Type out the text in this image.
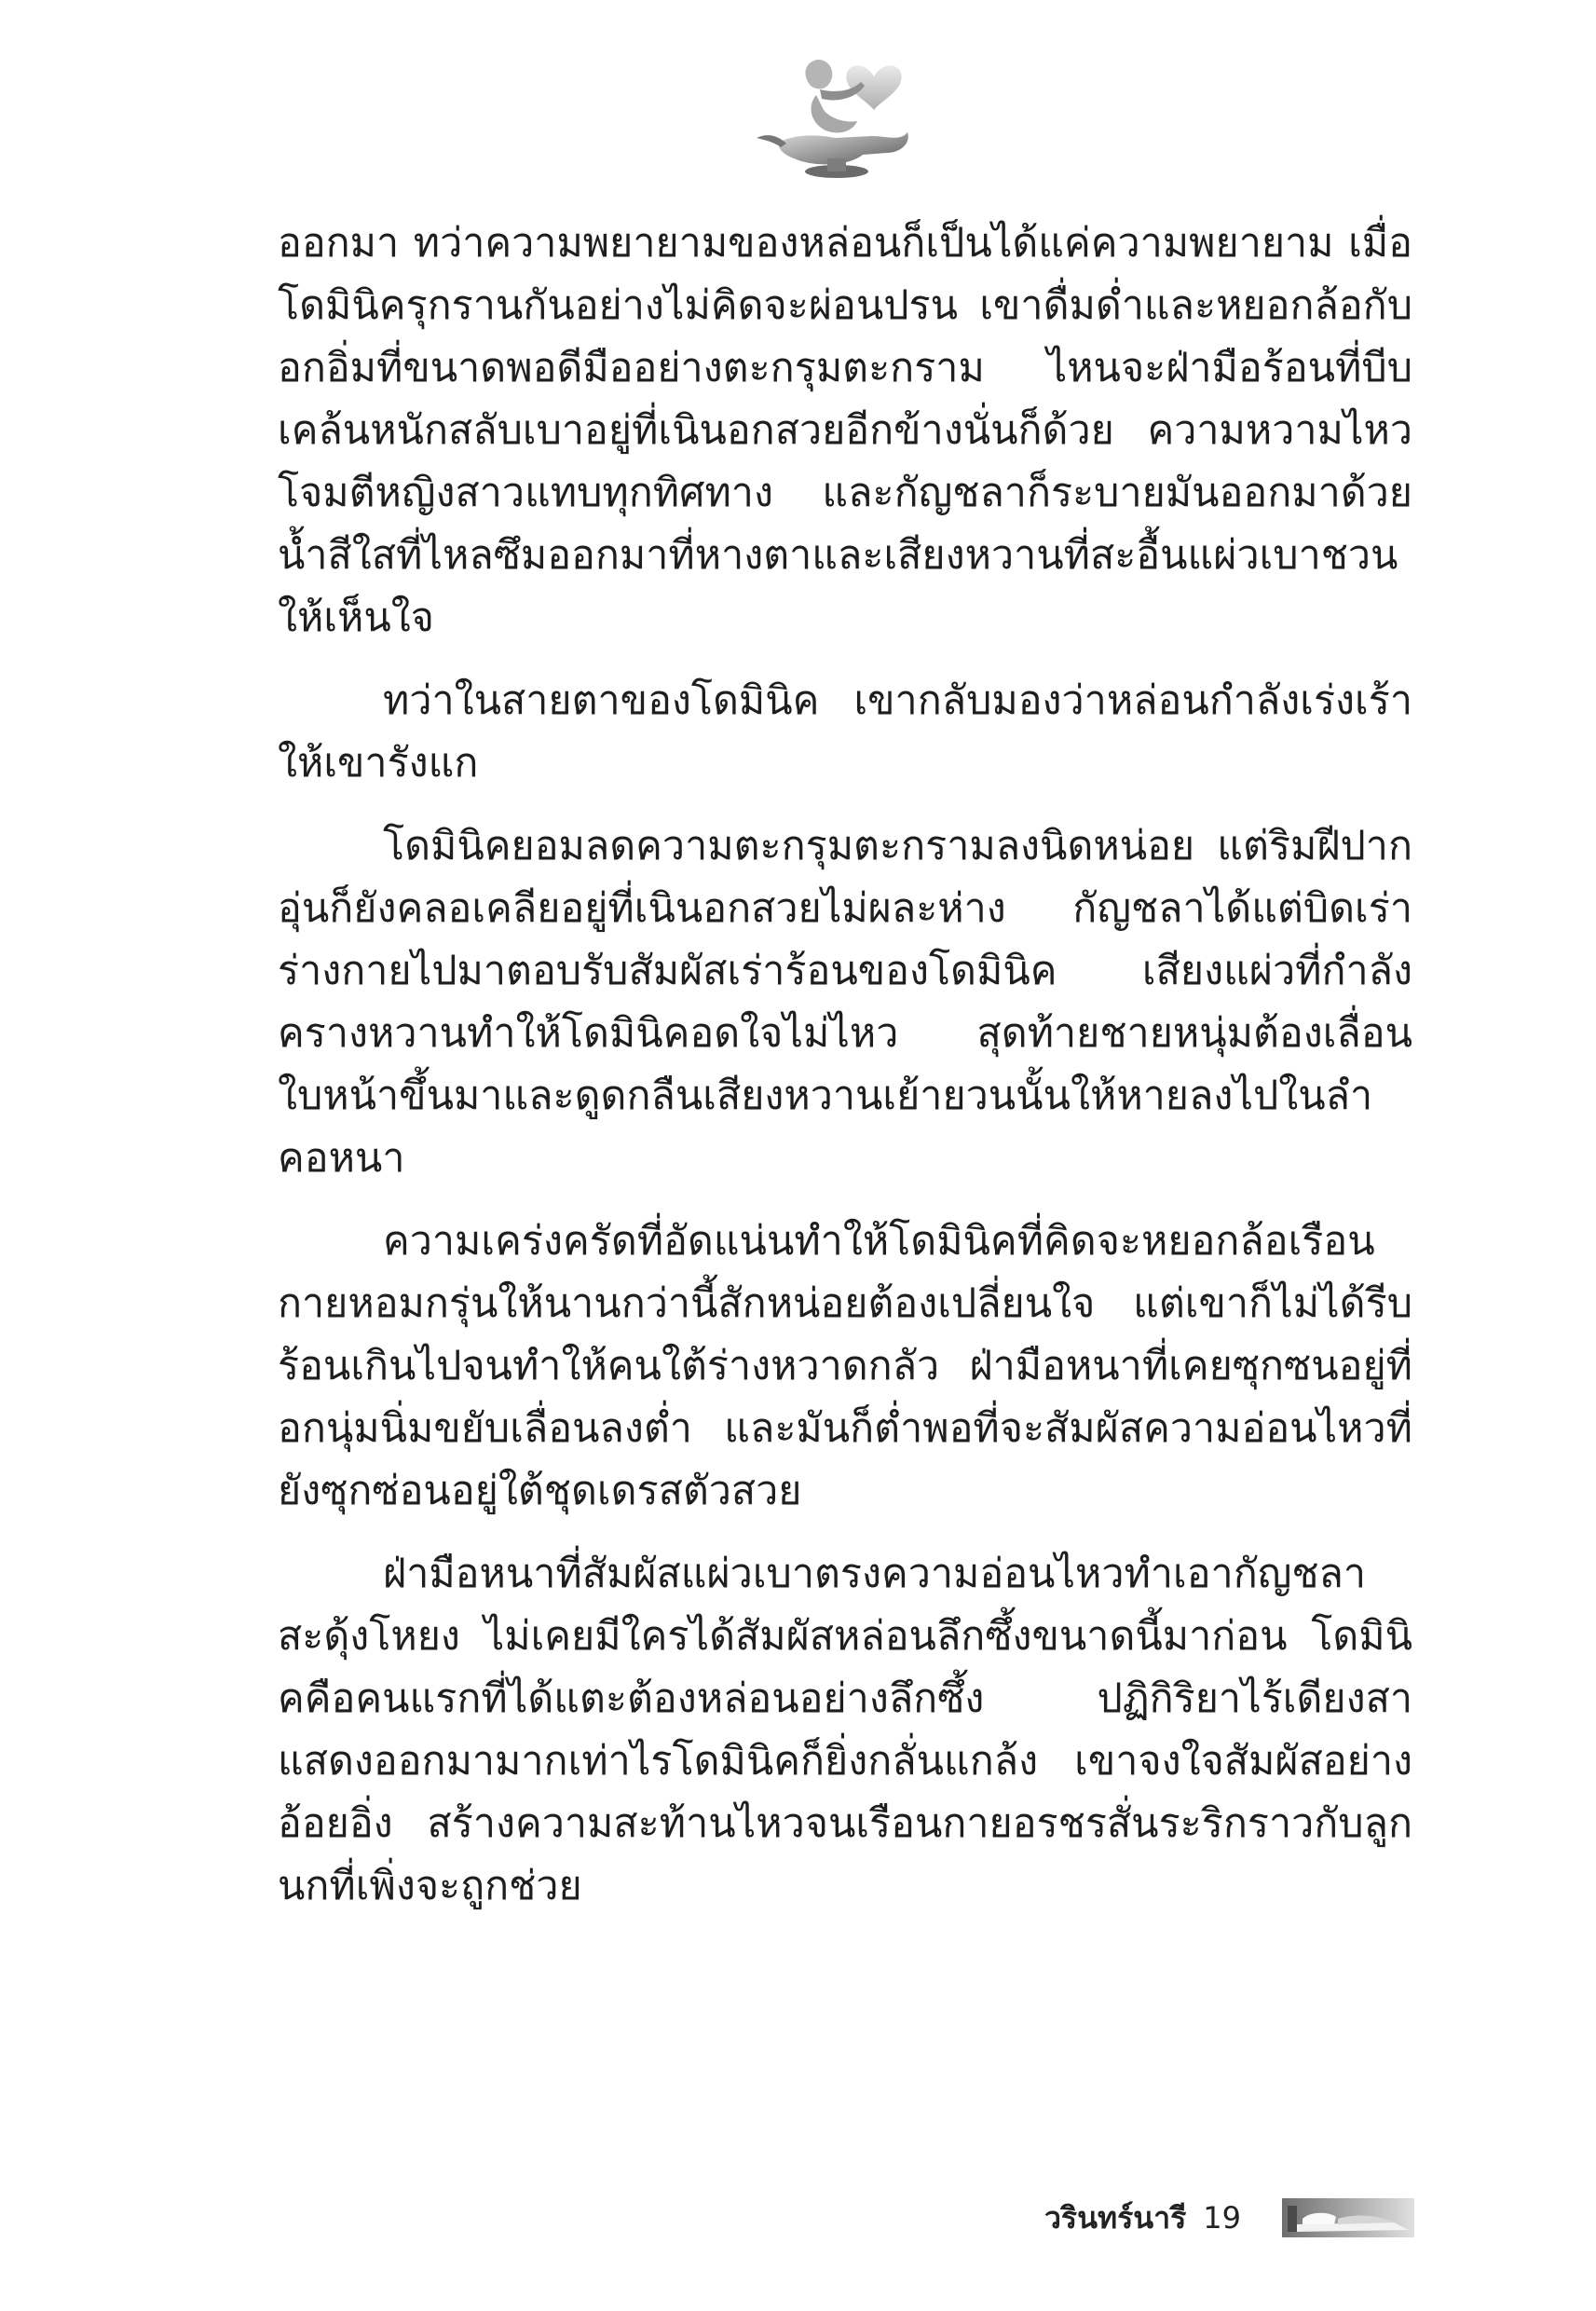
ออกมา ทว่าความพยายามของหล่อนก็เป็นได้แค่ความพยายาม เมื่อโดมินิครุกรานกันอย่างไม่คิดจะผ่อนปรน เขาดื่มด่ำและหยอกล้อกับอกอิ่มที่ขนาดพอดีมืออย่างตะกรุมตะกราม ไหนจะฝ่ามือร้อนที่บีบเคล้นหนักสลับเบาอยู่ที่เนินอกสวยอีกข้างนั่นก็ด้วย ความหวามไหวโจมตีหญิงสาวแทบทุกทิศทาง และกัญชลาก็ระบายมันออกมาด้วยน้ำสีใสที่ไหลซึมออกมาที่หางตาและเสียงหวานที่สะอื้นแผ่วเบาชวนให้เห็นใจ

ทว่าในสายตาของโดมินิค เขากลับมองว่าหล่อนกำลังเร่งเร้าให้เขารังแก

โดมินิคยอมลดความตะกรุมตะกรามลงนิดหน่อย แต่ริมฝีปากอุ่นก็ยังคลอเคลียอยู่ที่เนินอกสวยไม่ผละห่าง กัญชลาได้แต่บิดเร่าร่างกายไปมาตอบรับสัมผัสเร่าร้อนของโดมินิค เสียงแผ่วที่กำลังครางหวานทำให้โดมินิคอดใจไม่ไหว สุดท้ายชายหนุ่มต้องเลื่อนใบหน้าขึ้นมาและดูดกลืนเสียงหวานเย้ายวนนั้นให้หายลงไปในลำคอหนา

ความเคร่งครัดที่อัดแน่นทำให้โดมินิคที่คิดจะหยอกล้อเรือนกายหอมกรุ่นให้นานกว่านี้สักหน่อยต้องเปลี่ยนใจ แต่เขาก็ไม่ได้รีบร้อนเกินไปจนทำให้คนใต้ร่างหวาดกลัว ฝ่ามือหนาที่เคยซุกซนอยู่ที่อกนุ่มนิ่มขยับเลื่อนลงต่ำ และมันก็ต่ำพอที่จะสัมผัสความอ่อนไหวที่ยังซุกซ่อนอยู่ใต้ชุดเดรสตัวสวย

ฝ่ามือหนาที่สัมผัสแผ่วเบาตรงความอ่อนไหวทำเอากัญชลาสะดุ้งโหยง ไม่เคยมีใครได้สัมผัสหล่อนลึกซึ้งขนาดนี้มาก่อน โดมินิคคือคนแรกที่ได้แตะต้องหล่อนอย่างลึกซึ้ง ปฏิกิริยาไร้เดียงสาแสดงออกมามากเท่าไรโดมินิคก็ยิ่งกลั่นแกล้ง เขาจงใจสัมผัสอย่างอ้อยอิ่ง สร้างความสะท้านไหวจนเรือนกายอรชรสั่นระริกราวกับลูกนกที่เพิ่งจะถูกช่วย

วรินทร์นารี 19
